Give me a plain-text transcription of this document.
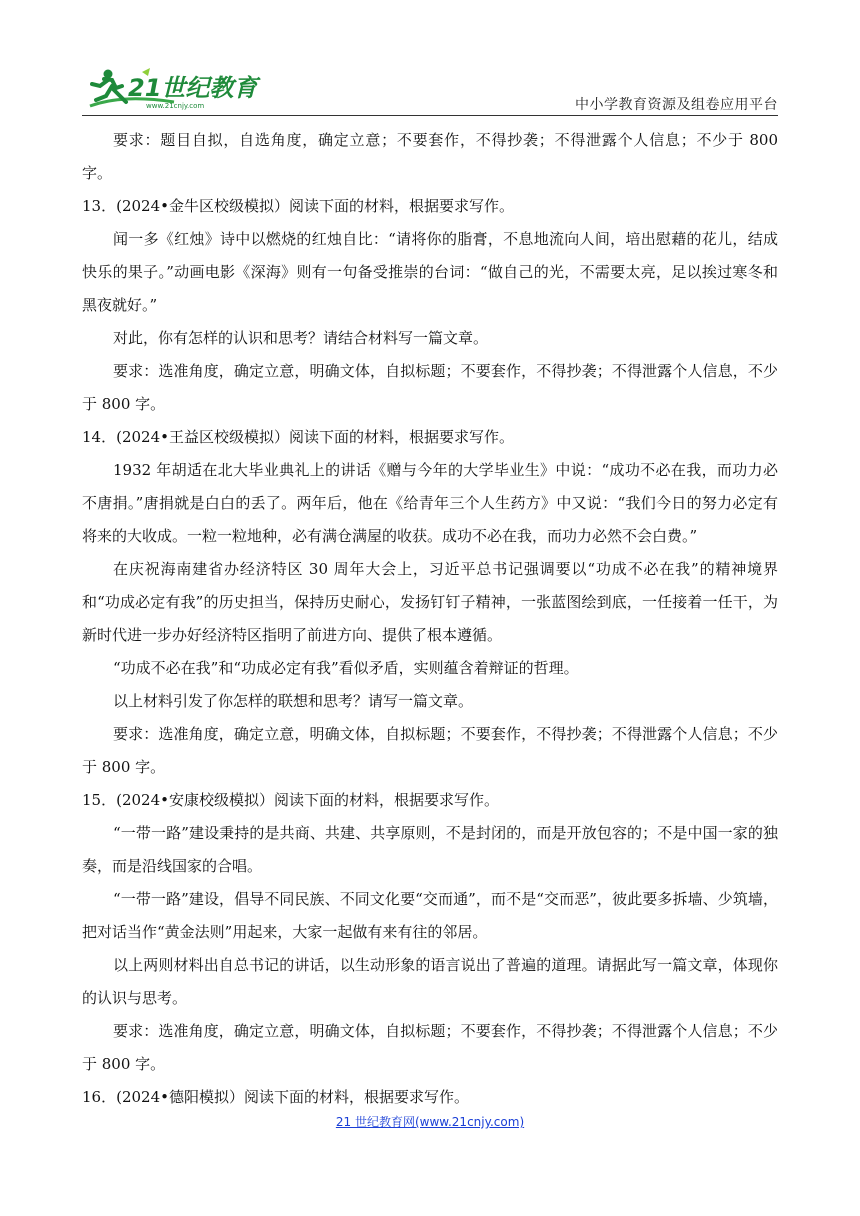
21世纪教育
www.21cnjy.com	中小学教育资源及组卷应用平台

要求：题目自拟，自选角度，确定立意；不要套作，不得抄袭；不得泄露个人信息；不少于 800 字。

13．(2024•金牛区校级模拟）阅读下面的材料，根据要求写作。

闻一多《红烛》诗中以燃烧的红烛自比：“请将你的脂膏，不息地流向人间，培出慰藉的花儿，结成快乐的果子。”动画电影《深海》则有一句备受推崇的台词：“做自己的光，不需要太亮，足以挨过寒冬和黑夜就好。”

对此，你有怎样的认识和思考？请结合材料写一篇文章。

要求：选准角度，确定立意，明确文体，自拟标题；不要套作，不得抄袭；不得泄露个人信息，不少于 800 字。

14．(2024•王益区校级模拟）阅读下面的材料，根据要求写作。

1932 年胡适在北大毕业典礼上的讲话《赠与今年的大学毕业生》中说：“成功不必在我，而功力必不唐捐。”唐捐就是白白的丢了。两年后，他在《给青年三个人生药方》中又说：“我们今日的努力必定有将来的大收成。一粒一粒地种，必有满仓满屋的收获。成功不必在我，而功力必然不会白费。”

在庆祝海南建省办经济特区 30 周年大会上，习近平总书记强调要以“功成不必在我”的精神境界和“功成必定有我”的历史担当，保持历史耐心，发扬钉钉子精神，一张蓝图绘到底，一任接着一任干，为新时代进一步办好经济特区指明了前进方向、提供了根本遵循。

“功成不必在我”和“功成必定有我”看似矛盾，实则蕴含着辩证的哲理。

以上材料引发了你怎样的联想和思考？请写一篇文章。

要求：选准角度，确定立意，明确文体，自拟标题；不要套作，不得抄袭；不得泄露个人信息；不少于 800 字。

15．(2024•安康校级模拟）阅读下面的材料，根据要求写作。

“一带一路”建设秉持的是共商、共建、共享原则，不是封闭的，而是开放包容的；不是中国一家的独奏，而是沿线国家的合唱。

“一带一路”建设，倡导不同民族、不同文化要“交而通”，而不是“交而恶”，彼此要多拆墙、少筑墙，把对话当作“黄金法则”用起来，大家一起做有来有往的邻居。

以上两则材料出自总书记的讲话，以生动形象的语言说出了普遍的道理。请据此写一篇文章，体现你的认识与思考。

要求：选准角度，确定立意，明确文体，自拟标题；不要套作，不得抄袭；不得泄露个人信息；不少于 800 字。

16．(2024•德阳模拟）阅读下面的材料，根据要求写作。

21 世纪教育网(www.21cnjy.com)
